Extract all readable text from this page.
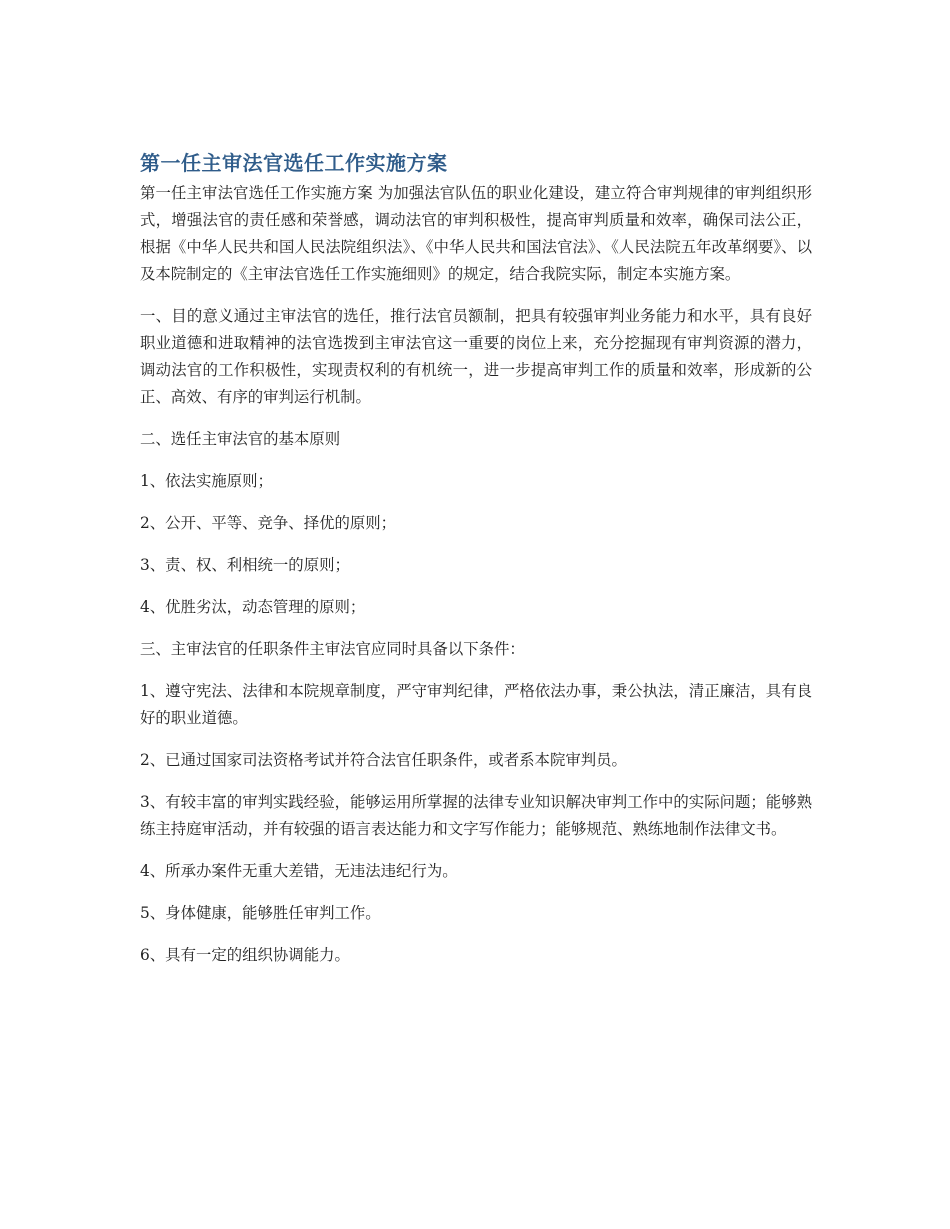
第一任主审法官选任工作实施方案

第一任主审法官选任工作实施方案 为加强法官队伍的职业化建设，建立符合审判规律的审判组织形式，增强法官的责任感和荣誉感，调动法官的审判积极性，提高审判质量和效率，确保司法公正，根据《中华人民共和国人民法院组织法》、《中华人民共和国法官法》、《人民法院五年改革纲要》、以及本院制定的《主审法官选任工作实施细则》的规定，结合我院实际，制定本实施方案。

一、目的意义通过主审法官的选任，推行法官员额制，把具有较强审判业务能力和水平，具有良好职业道德和进取精神的法官选拨到主审法官这一重要的岗位上来，充分挖掘现有审判资源的潜力，调动法官的工作积极性，实现责权利的有机统一，进一步提高审判工作的质量和效率，形成新的公正、高效、有序的审判运行机制。

二、选任主审法官的基本原则

1、依法实施原则；

2、公开、平等、竞争、择优的原则；

3、责、权、利相统一的原则；

4、优胜劣汰，动态管理的原则；

三、主审法官的任职条件主审法官应同时具备以下条件：

1、遵守宪法、法律和本院规章制度，严守审判纪律，严格依法办事，秉公执法，清正廉洁，具有良好的职业道德。

2、已通过国家司法资格考试并符合法官任职条件，或者系本院审判员。

3、有较丰富的审判实践经验，能够运用所掌握的法律专业知识解决审判工作中的实际问题；能够熟练主持庭审活动，并有较强的语言表达能力和文字写作能力；能够规范、熟练地制作法律文书。

4、所承办案件无重大差错，无违法违纪行为。

5、身体健康，能够胜任审判工作。

6、具有一定的组织协调能力。
